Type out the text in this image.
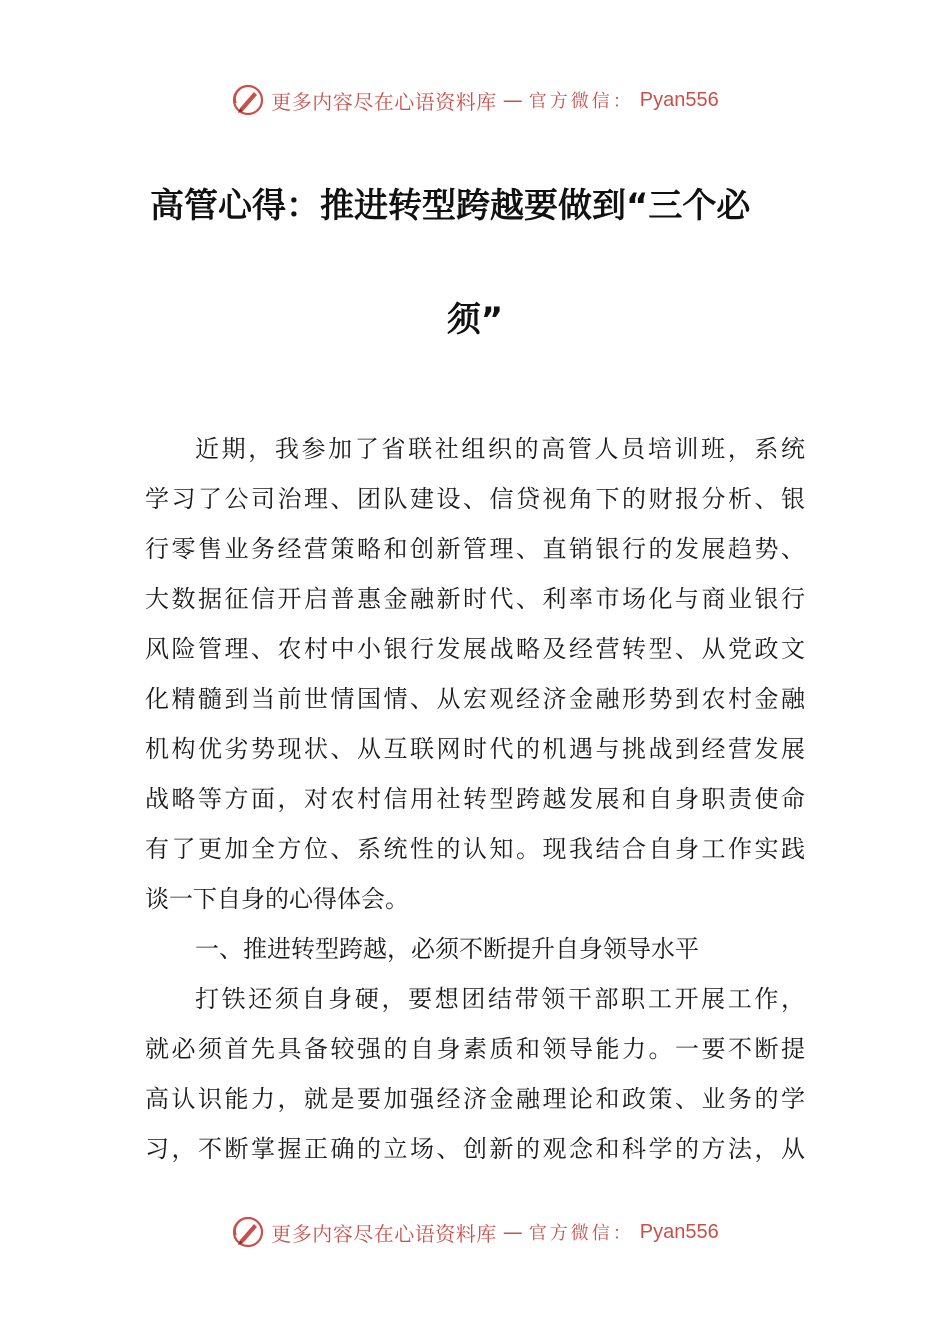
更多内容尽在心语资料库 — 官方微信： Pyan556
高管心得：推进转型跨越要做到“三个必
须”
近期，我参加了省联社组织的高管人员培训班，系统
学习了公司治理、团队建设、信贷视角下的财报分析、银
行零售业务经营策略和创新管理、直销银行的发展趋势、
大数据征信开启普惠金融新时代、利率市场化与商业银行
风险管理、农村中小银行发展战略及经营转型、从党政文
化精髓到当前世情国情、从宏观经济金融形势到农村金融
机构优劣势现状、从互联网时代的机遇与挑战到经营发展
战略等方面，对农村信用社转型跨越发展和自身职责使命
有了更加全方位、系统性的认知。现我结合自身工作实践
谈一下自身的心得体会。
一、推进转型跨越，必须不断提升自身领导水平
打铁还须自身硬，要想团结带领干部职工开展工作，
就必须首先具备较强的自身素质和领导能力。一要不断提
高认识能力，就是要加强经济金融理论和政策、业务的学
习，不断掌握正确的立场、创新的观念和科学的方法，从
更多内容尽在心语资料库 — 官方微信： Pyan556
